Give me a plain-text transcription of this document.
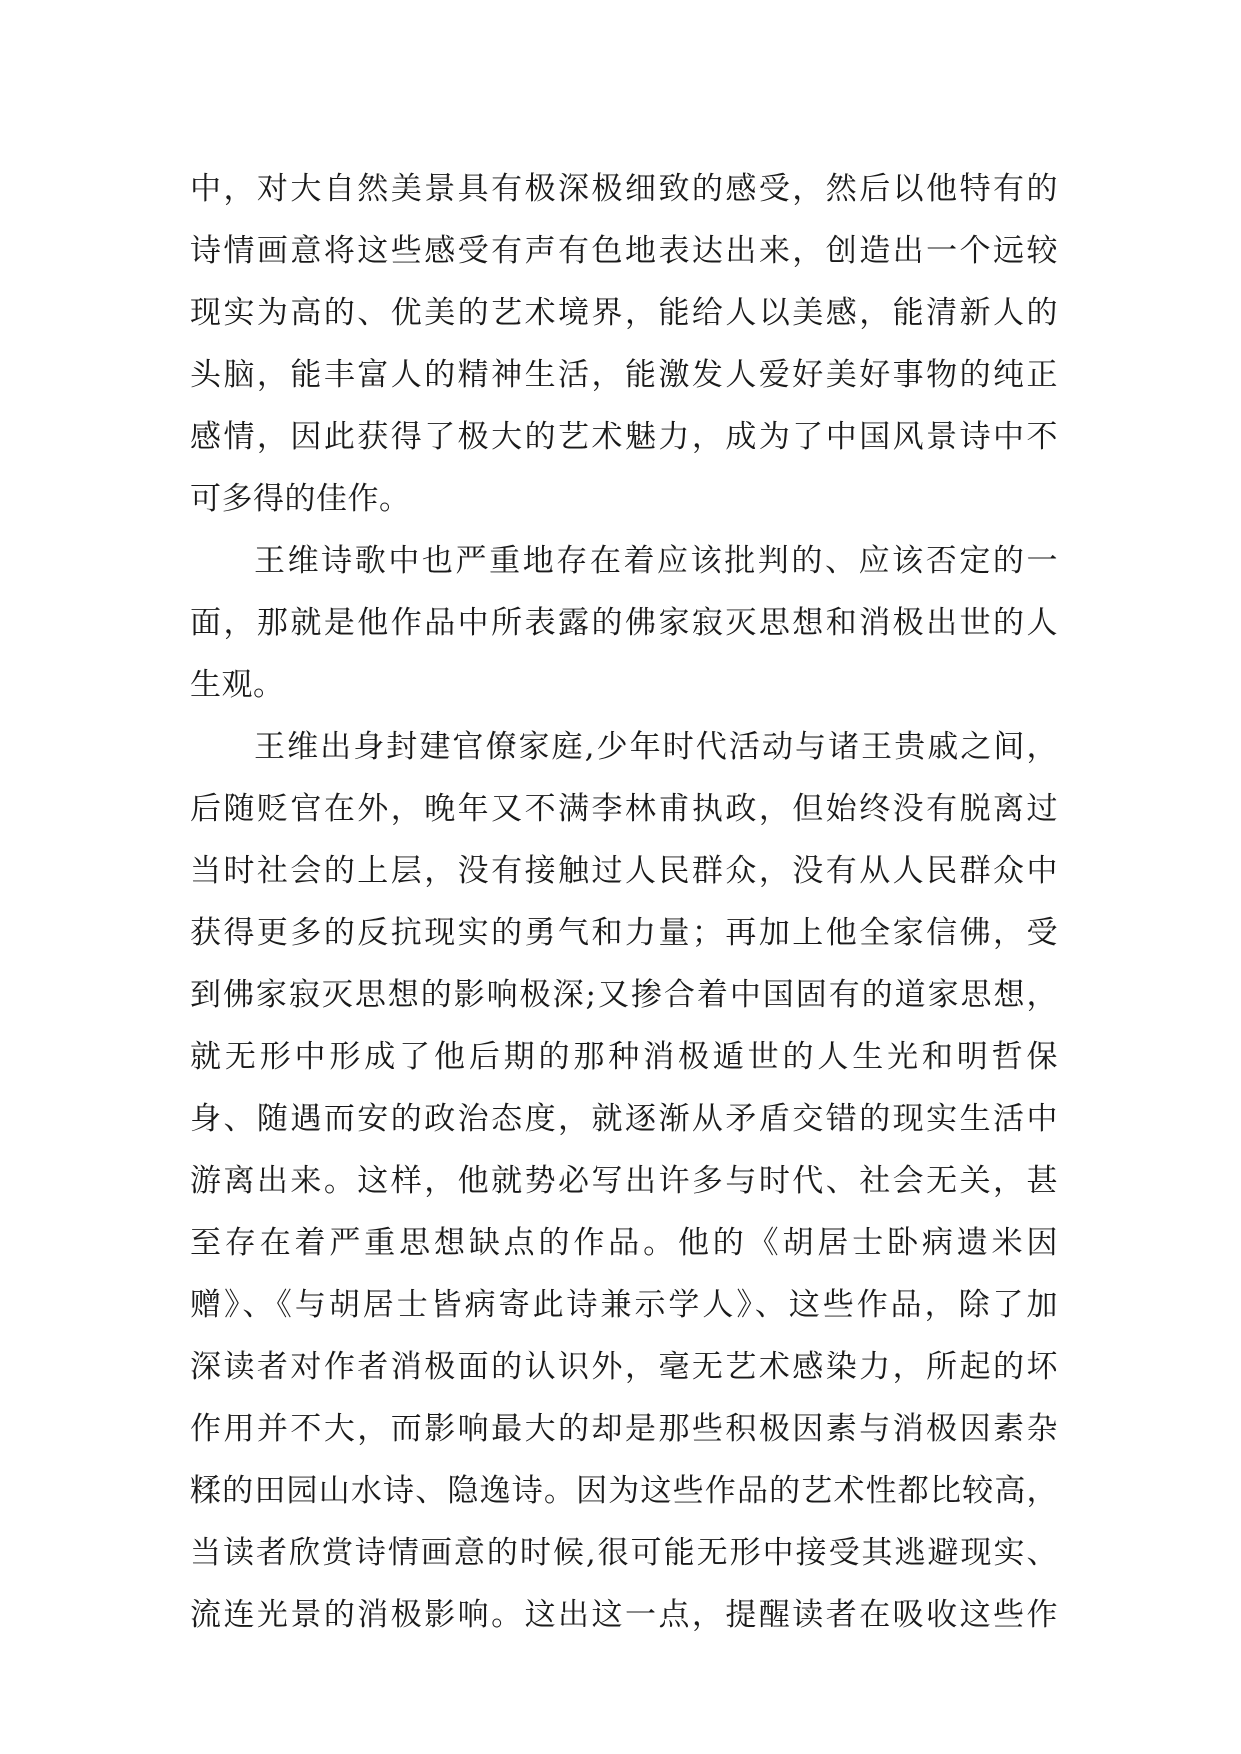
中，对大自然美景具有极深极细致的感受，然后以他特有的
诗情画意将这些感受有声有色地表达出来，创造出一个远较
现实为高的、优美的艺术境界，能给人以美感，能清新人的
头脑，能丰富人的精神生活，能激发人爱好美好事物的纯正
感情，因此获得了极大的艺术魅力，成为了中国风景诗中不
可多得的佳作。
王维诗歌中也严重地存在着应该批判的、应该否定的一
面，那就是他作品中所表露的佛家寂灭思想和消极出世的人
生观。
王维出身封建官僚家庭,少年时代活动与诸王贵戚之间，
后随贬官在外，晚年又不满李林甫执政，但始终没有脱离过
当时社会的上层，没有接触过人民群众，没有从人民群众中
获得更多的反抗现实的勇气和力量；再加上他全家信佛，受
到佛家寂灭思想的影响极深;又掺合着中国固有的道家思想，
就无形中形成了他后期的那种消极遁世的人生光和明哲保
身、随遇而安的政治态度，就逐渐从矛盾交错的现实生活中
游离出来。这样，他就势必写出许多与时代、社会无关，甚
至存在着严重思想缺点的作品。他的《胡居士卧病遗米因
赠》、《与胡居士皆病寄此诗兼示学人》、这些作品，除了加
深读者对作者消极面的认识外，毫无艺术感染力，所起的坏
作用并不大，而影响最大的却是那些积极因素与消极因素杂
糅的田园山水诗、隐逸诗。因为这些作品的艺术性都比较高，
当读者欣赏诗情画意的时候,很可能无形中接受其逃避现实、
流连光景的消极影响。这出这一点，提醒读者在吸收这些作
